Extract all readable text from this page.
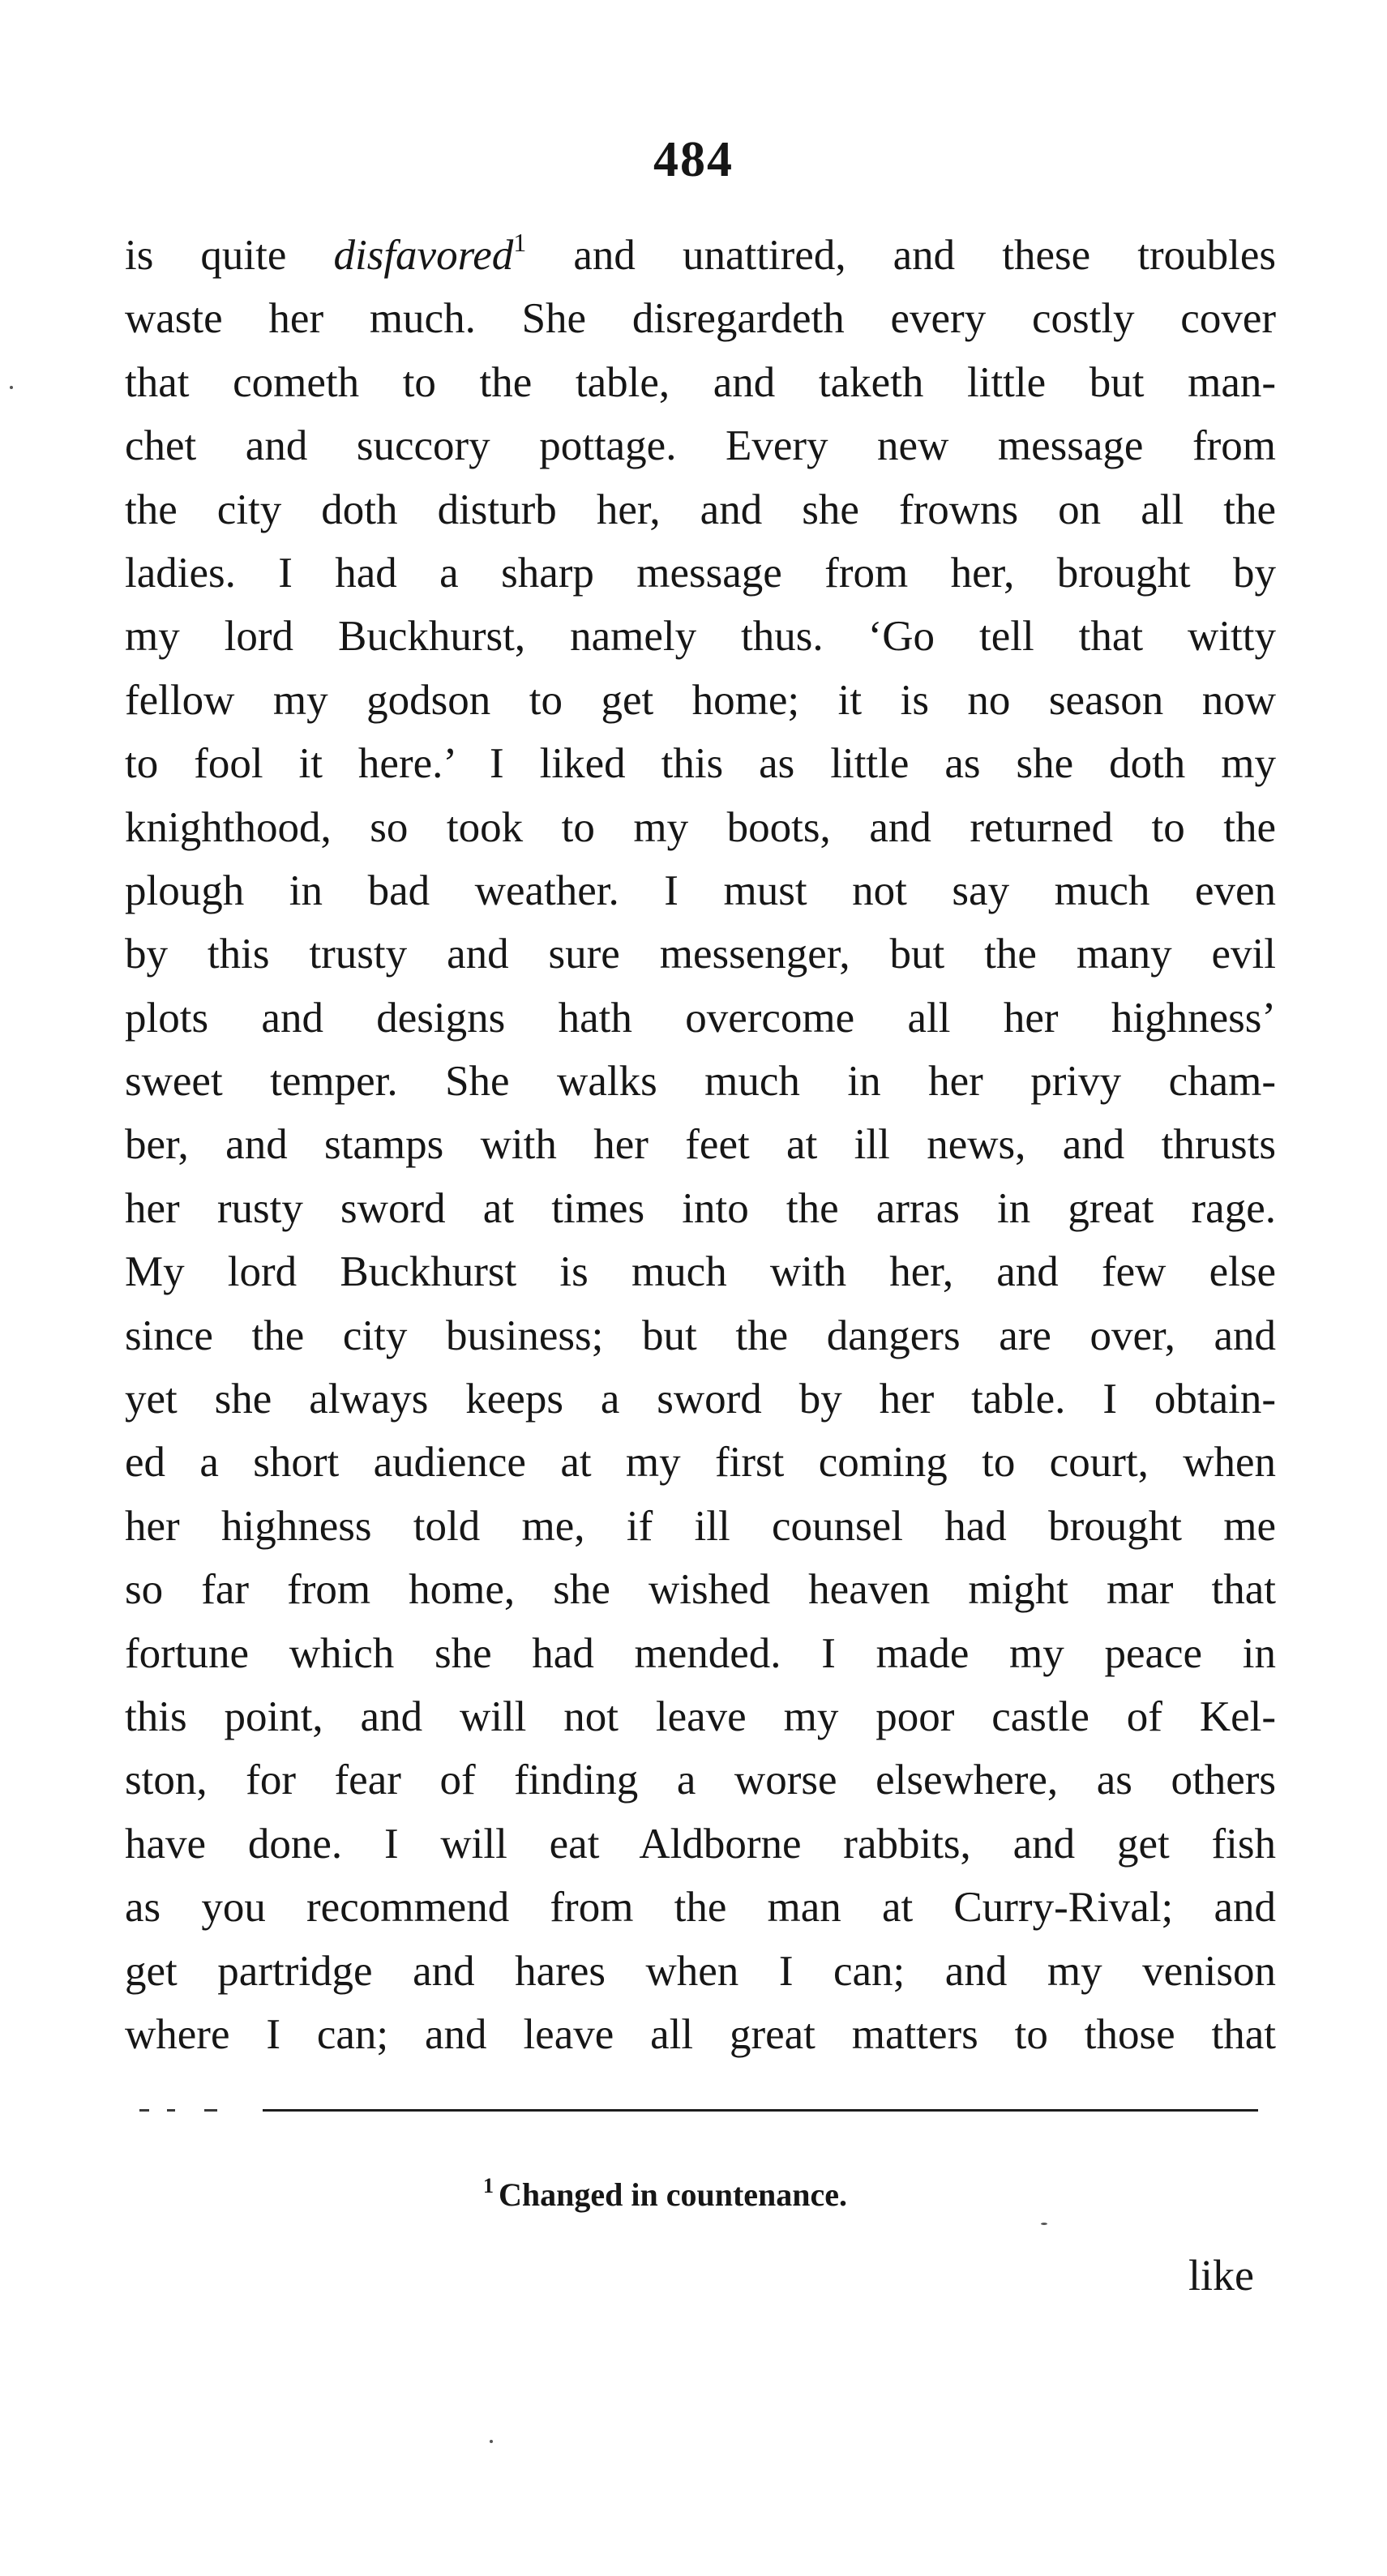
484
is quite disfavored$^1$ and unattired, and these troubles
waste her much. She disregardeth every costly cover
that cometh to the table, and taketh little but man-
chet and succory pottage. Every new message from
the city doth disturb her, and she frowns on all the
ladies. I had a sharp message from her, brought by
my lord Buckhurst, namely thus. ‘Go tell that witty
fellow my godson to get home; it is no season now
to fool it here.’ I liked this as little as she doth my
knighthood, so took to my boots, and returned to the
plough in bad weather. I must not say much even
by this trusty and sure messenger, but the many evil
plots and designs hath overcome all her highness’
sweet temper. She walks much in her privy cham-
ber, and stamps with her feet at ill news, and thrusts
her rusty sword at times into the arras in great rage.
My lord Buckhurst is much with her, and few else
since the city business; but the dangers are over, and
yet she always keeps a sword by her table. I obtain-
ed a short audience at my first coming to court, when
her highness told me, if ill counsel had brought me
so far from home, she wished heaven might mar that
fortune which she had mended. I made my peace in
this point, and will not leave my poor castle of Kel-
ston, for fear of finding a worse elsewhere, as others
have done. I will eat Aldborne rabbits, and get fish
as you recommend from the man at Curry-Rival; and
get partridge and hares when I can; and my venison
where I can; and leave all great matters to those that
$^1$ Changed in countenance.
like
